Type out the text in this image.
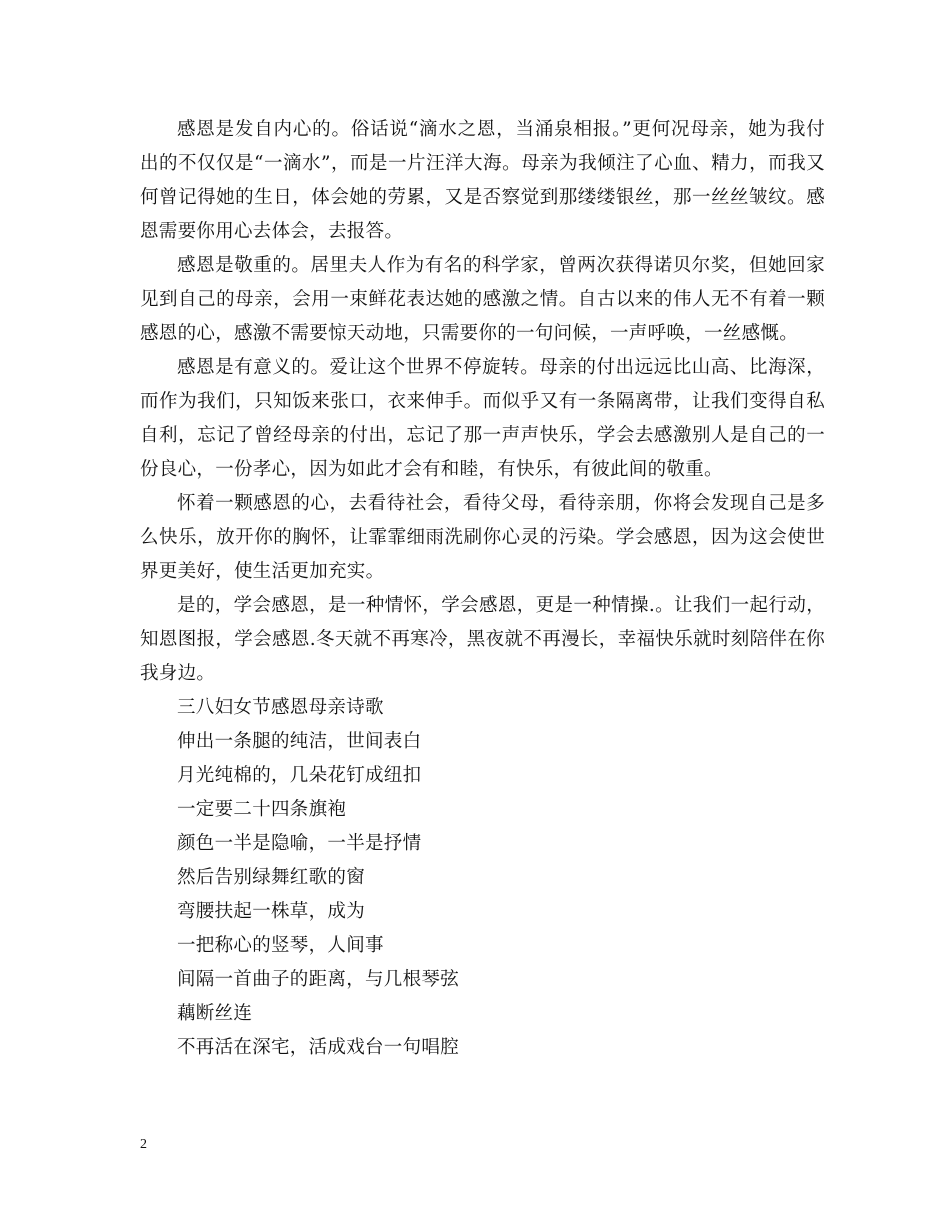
感恩是发自内心的。俗话说“滴水之恩，当涌泉相报。”更何况母亲，她为我付出的不仅仅是“一滴水”，而是一片汪洋大海。母亲为我倾注了心血、精力，而我又何曾记得她的生日，体会她的劳累，又是否察觉到那缕缕银丝，那一丝丝皱纹。感恩需要你用心去体会，去报答。

感恩是敬重的。居里夫人作为有名的科学家，曾两次获得诺贝尔奖，但她回家见到自己的母亲，会用一束鲜花表达她的感激之情。自古以来的伟人无不有着一颗感恩的心，感激不需要惊天动地，只需要你的一句问候，一声呼唤，一丝感慨。

感恩是有意义的。爱让这个世界不停旋转。母亲的付出远远比山高、比海深，而作为我们，只知饭来张口，衣来伸手。而似乎又有一条隔离带，让我们变得自私自利，忘记了曾经母亲的付出，忘记了那一声声快乐，学会去感激别人是自己的一份良心，一份孝心，因为如此才会有和睦，有快乐，有彼此间的敬重。

怀着一颗感恩的心，去看待社会，看待父母，看待亲朋，你将会发现自己是多么快乐，放开你的胸怀，让霏霏细雨洗刷你心灵的污染。学会感恩，因为这会使世界更美好，使生活更加充实。

是的，学会感恩，是一种情怀，学会感恩，更是一种情操.。让我们一起行动，知恩图报，学会感恩.冬天就不再寒冷，黑夜就不再漫长，幸福快乐就时刻陪伴在你我身边。

三八妇女节感恩母亲诗歌
伸出一条腿的纯洁，世间表白
月光纯棉的，几朵花钉成纽扣
一定要二十四条旗袍
颜色一半是隐喻，一半是抒情
然后告别绿舞红歌的窗
弯腰扶起一株草，成为
一把称心的竖琴，人间事
间隔一首曲子的距离，与几根琴弦
藕断丝连
不再活在深宅，活成戏台一句唱腔
2
